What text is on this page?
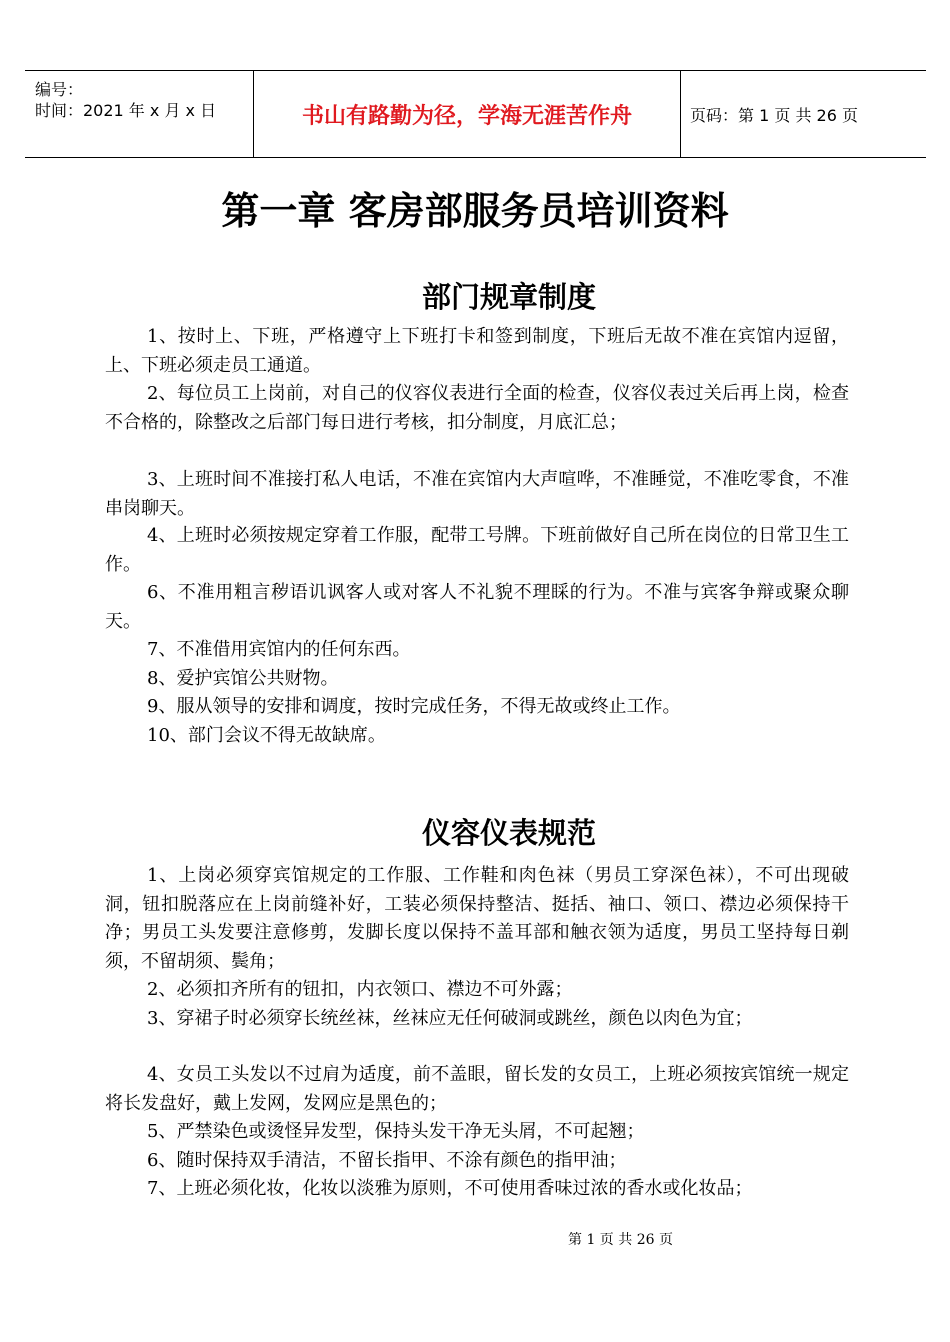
编号：
时间：2021 年 x 月 x 日	书山有路勤为径，学海无涯苦作舟	页码：第 1 页 共 26 页
第一章 客房部服务员培训资料
部门规章制度
1、按时上、下班，严格遵守上下班打卡和签到制度，下班后无故不准在宾馆内逗留，上、下班必须走员工通道。
2、每位员工上岗前，对自己的仪容仪表进行全面的检查，仪容仪表过关后再上岗，检查不合格的，除整改之后部门每日进行考核，扣分制度，月底汇总；
3、上班时间不准接打私人电话，不准在宾馆内大声喧哗，不准睡觉，不准吃零食，不准串岗聊天。
4、上班时必须按规定穿着工作服，配带工号牌。下班前做好自己所在岗位的日常卫生工作。
6、不准用粗言秽语讥讽客人或对客人不礼貌不理睬的行为。不准与宾客争辩或聚众聊天。
7、不准借用宾馆内的任何东西。
8、爱护宾馆公共财物。
9、服从领导的安排和调度，按时完成任务，不得无故或终止工作。
10、部门会议不得无故缺席。
仪容仪表规范
1、上岗必须穿宾馆规定的工作服、工作鞋和肉色袜（男员工穿深色袜），不可出现破洞，钮扣脱落应在上岗前缝补好，工装必须保持整洁、挺括、袖口、领口、襟边必须保持干净；男员工头发要注意修剪，发脚长度以保持不盖耳部和触衣领为适度，男员工坚持每日剃须，不留胡须、鬓角；
2、必须扣齐所有的钮扣，内衣领口、襟边不可外露；
3、穿裙子时必须穿长统丝袜，丝袜应无任何破洞或跳丝，颜色以肉色为宜；
4、女员工头发以不过肩为适度，前不盖眼，留长发的女员工，上班必须按宾馆统一规定将长发盘好，戴上发网，发网应是黑色的；
5、严禁染色或烫怪异发型，保持头发干净无头屑，不可起翘；
6、随时保持双手清洁，不留长指甲、不涂有颜色的指甲油；
7、上班必须化妆，化妆以淡雅为原则，不可使用香味过浓的香水或化妆品；
第 1 页 共 26 页
